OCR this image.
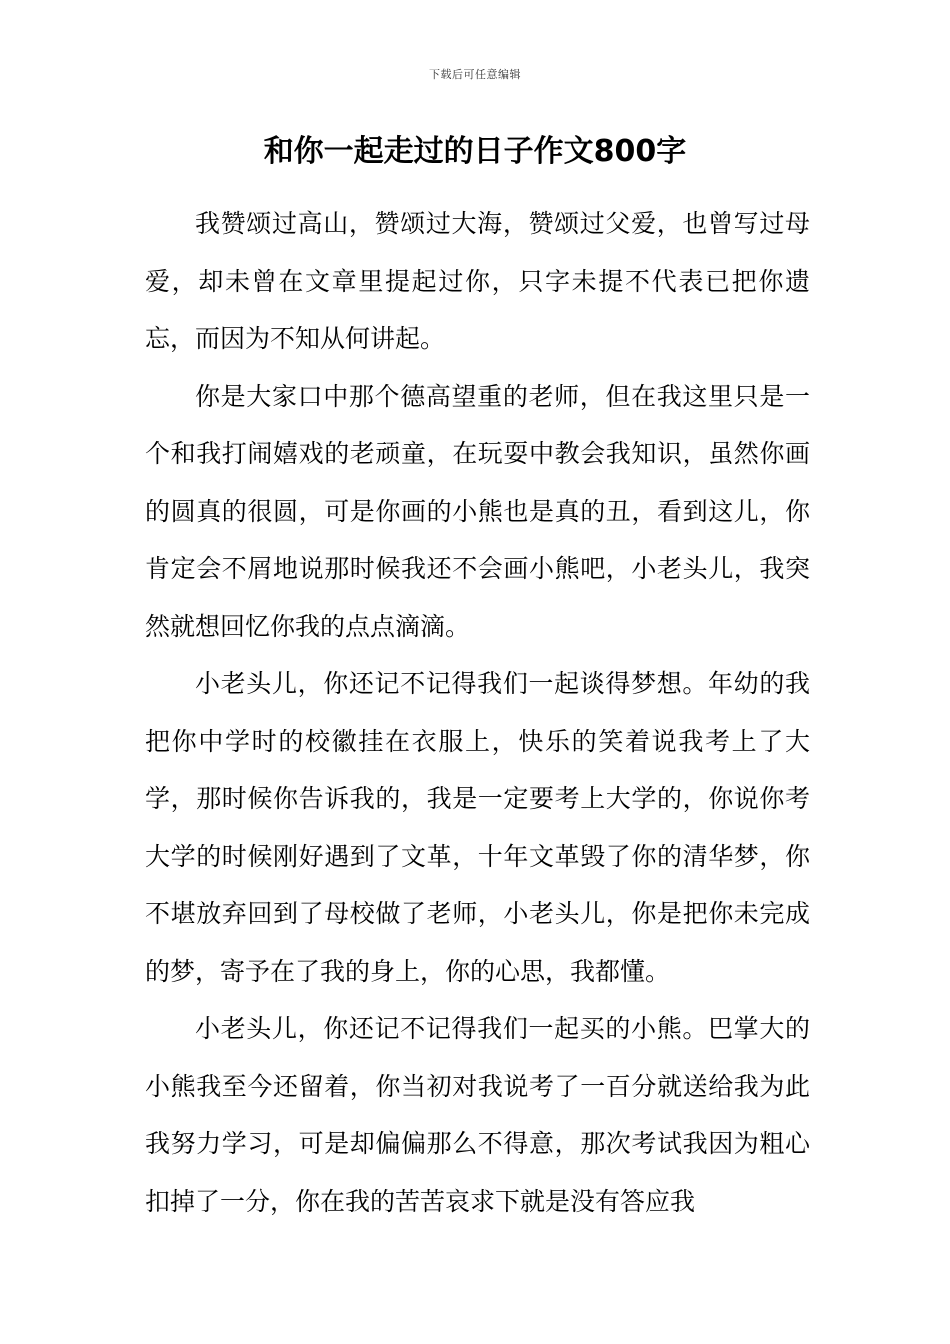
下载后可任意编辑
和你一起走过的日子作文800字

我赞颂过高山，赞颂过大海，赞颂过父爱，也曾写过母爱，却未曾在文章里提起过你，只字未提不代表已把你遗忘，而因为不知从何讲起。

你是大家口中那个德高望重的老师，但在我这里只是一个和我打闹嬉戏的老顽童，在玩耍中教会我知识，虽然你画的圆真的很圆，可是你画的小熊也是真的丑，看到这儿，你肯定会不屑地说那时候我还不会画小熊吧，小老头儿，我突然就想回忆你我的点点滴滴。

小老头儿，你还记不记得我们一起谈得梦想。年幼的我把你中学时的校徽挂在衣服上，快乐的笑着说我考上了大学，那时候你告诉我的，我是一定要考上大学的，你说你考大学的时候刚好遇到了文革，十年文革毁了你的清华梦，你不堪放弃回到了母校做了老师，小老头儿，你是把你未完成的梦，寄予在了我的身上，你的心思，我都懂。

小老头儿，你还记不记得我们一起买的小熊。巴掌大的小熊我至今还留着，你当初对我说考了一百分就送给我为此我努力学习，可是却偏偏那么不得意，那次考试我因为粗心扣掉了一分，你在我的苦苦哀求下就是没有答应我
